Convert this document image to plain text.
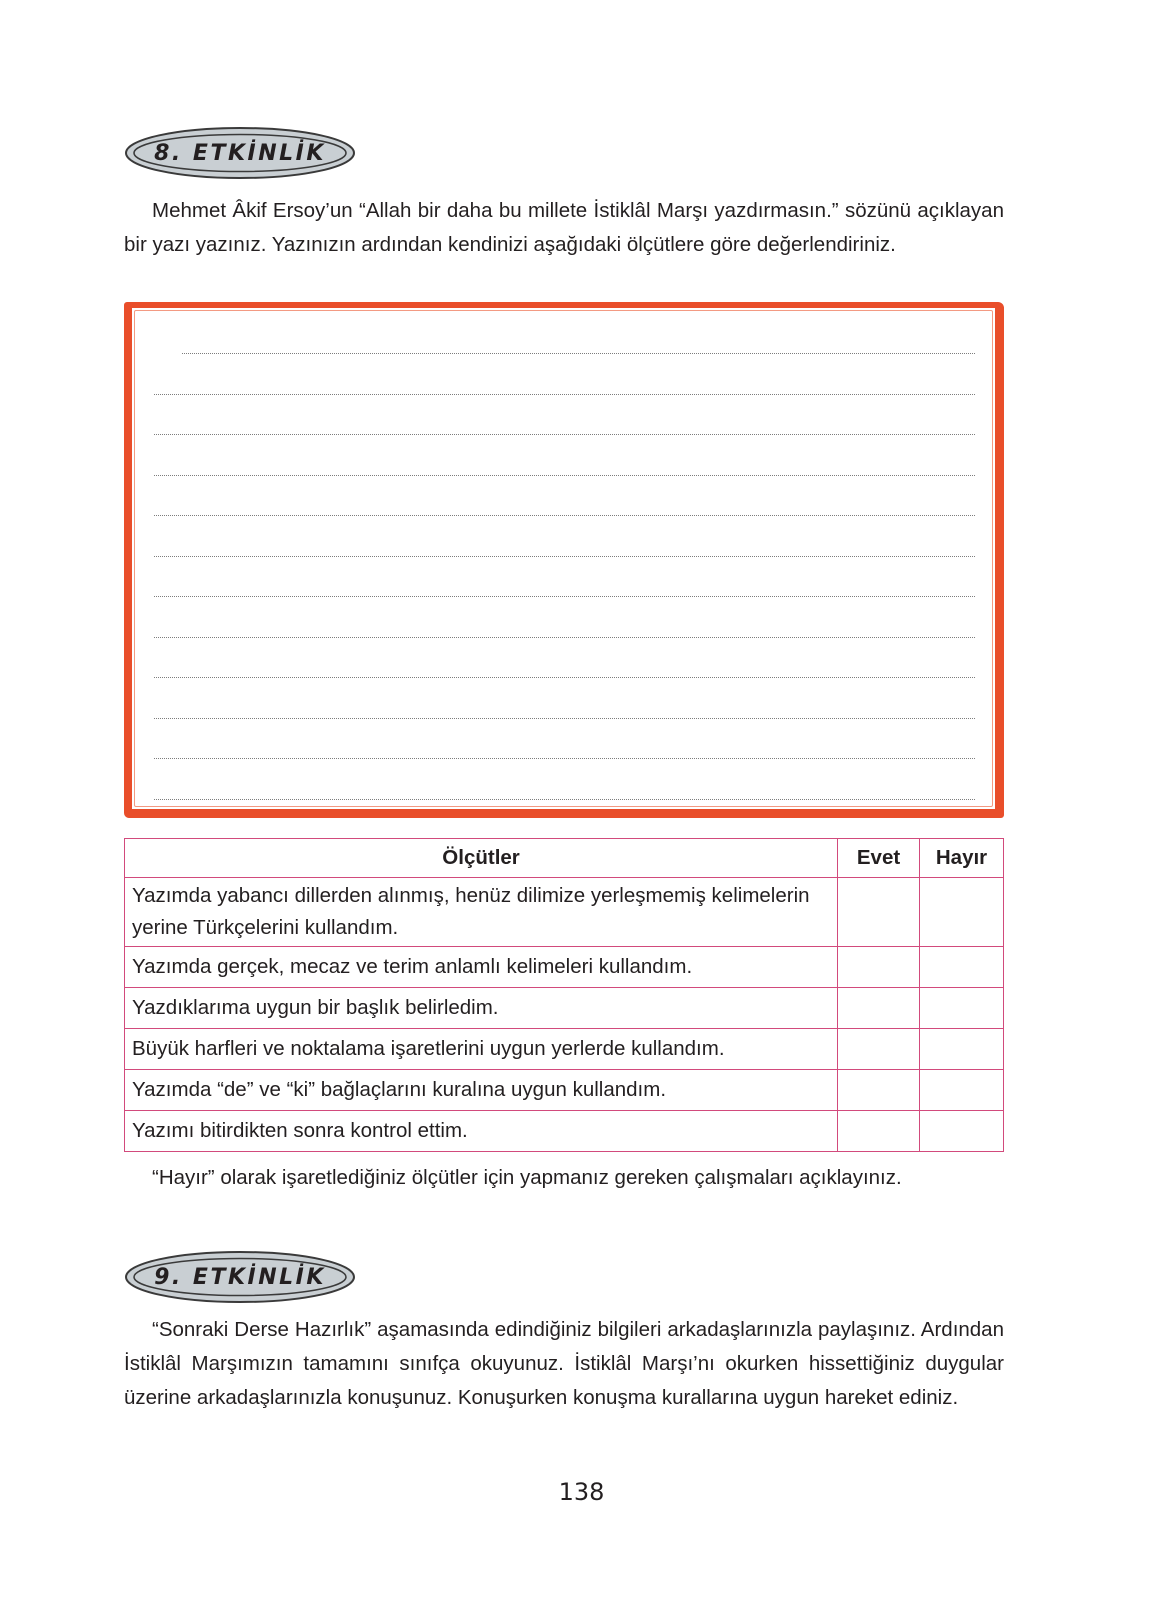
8. ETKİNLİK

Mehmet Âkif Ersoy’un “Allah bir daha bu millete İstiklâl Marşı yazdırmasın.” sözünü açıklayan bir yazı yazınız. Yazınızın ardından kendinizi aşağıdaki ölçütlere göre değerlendiriniz.

Ölçütler	Evet	Hayır
Yazımda yabancı dillerden alınmış, henüz dilimize yerleşmemiş kelimelerin yerine Türkçelerini kullandım.		
Yazımda gerçek, mecaz ve terim anlamlı kelimeleri kullandım.		
Yazdıklarıma uygun bir başlık belirledim.		
Büyük harfleri ve noktalama işaretlerini uygun yerlerde kullandım.		
Yazımda “de” ve “ki” bağlaçlarını kuralına uygun kullandım.		
Yazımı bitirdikten sonra kontrol ettim.		

“Hayır” olarak işaretlediğiniz ölçütler için yapmanız gereken çalışmaları açıklayınız.

9. ETKİNLİK

“Sonraki Derse Hazırlık” aşamasında edindiğiniz bilgileri arkadaşlarınızla paylaşınız. Ardından İstiklâl Marşımızın tamamını sınıfça okuyunuz. İstiklâl Marşı’nı okurken hissettiğiniz duygular üzerine arkadaşlarınızla konuşunuz. Konuşurken konuşma kurallarına uygun hareket ediniz.

138
